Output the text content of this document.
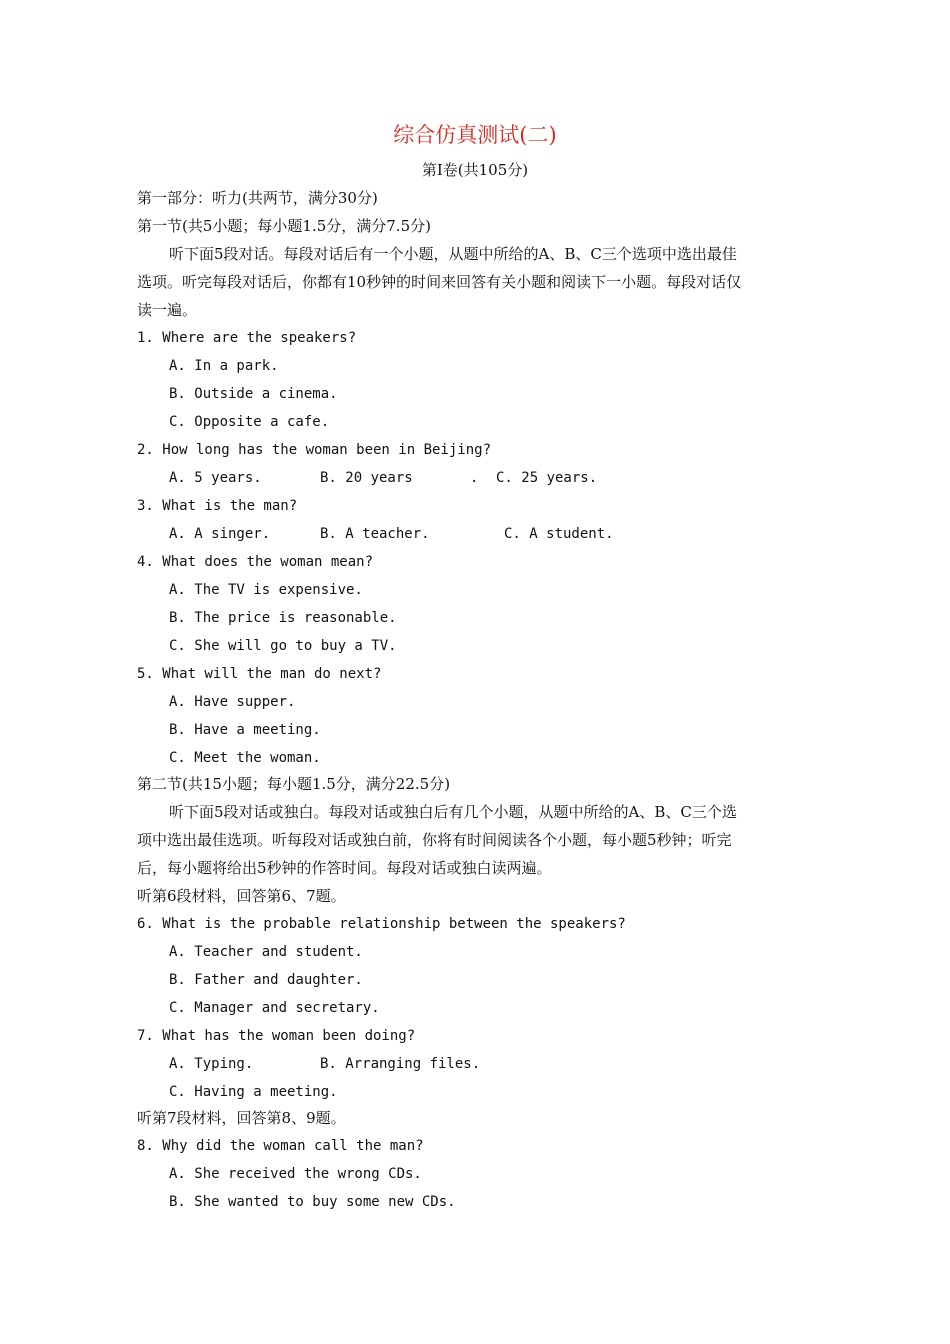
综合仿真测试(二)
第Ⅰ卷(共105分)
第一部分：听力(共两节，满分30分)
第一节(共5小题；每小题1.5分，满分7.5分)
听下面5段对话。每段对话后有一个小题，从题中所给的A、B、C三个选项中选出最佳
选项。听完每段对话后，你都有10秒钟的时间来回答有关小题和阅读下一小题。每段对话仅
读一遍。
1. Where are the speakers?
A. In a park.
B. Outside a cinema.
C. Opposite a cafe.
2. How long has the woman been in Beijing?
A. 5 years.	B. 20 years	. C. 25 years.
3. What is the man?
A. A singer.	B. A teacher.	C. A student.
4. What does the woman mean?
A. The TV is expensive.
B. The price is reasonable.
C. She will go to buy a TV.
5. What will the man do next?
A. Have supper.
B. Have a meeting.
C. Meet the woman.
第二节(共15小题；每小题1.5分，满分22.5分)
听下面5段对话或独白。每段对话或独白后有几个小题，从题中所给的A、B、C三个选
项中选出最佳选项。听每段对话或独白前，你将有时间阅读各个小题，每小题5秒钟；听完
后，每小题将给出5秒钟的作答时间。每段对话或独白读两遍。
听第6段材料，回答第6、7题。
6. What is the probable relationship between the speakers?
A. Teacher and student.
B. Father and daughter.
C. Manager and secretary.
7. What has the woman been doing?
A. Typing.	B. Arranging files.
C. Having a meeting.
听第7段材料，回答第8、9题。
8. Why did the woman call the man?
A. She received the wrong CDs.
B. She wanted to buy some new CDs.
